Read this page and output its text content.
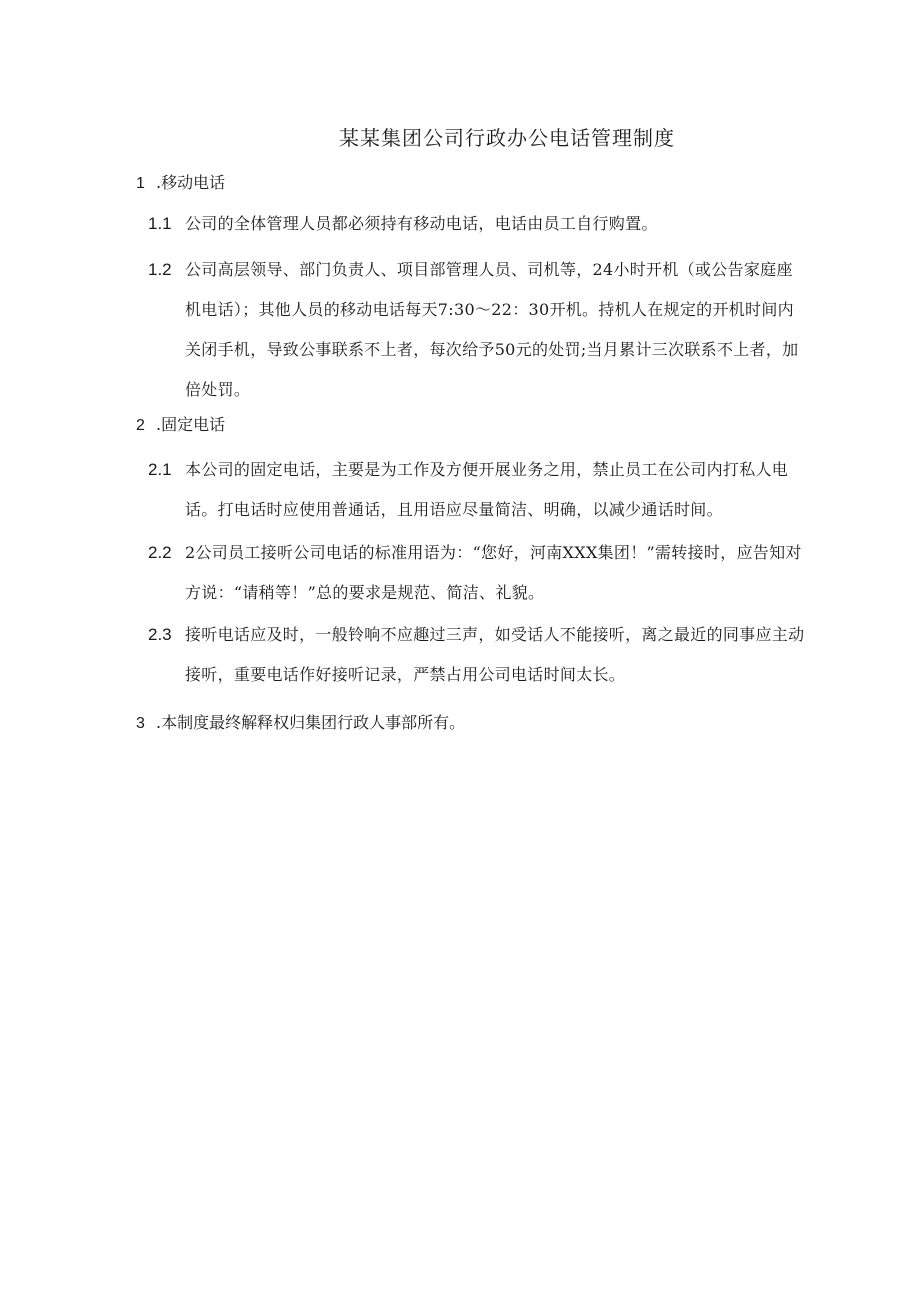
某某集团公司行政办公电话管理制度
1 .移动电话
1.1 公司的全体管理人员都必须持有移动电话，电话由员工自行购置。
1.2 公司高层领导、部门负责人、项目部管理人员、司机等，24小时开机（或公告家庭座机电话）；其他人员的移动电话每天7:30～22：30开机。持机人在规定的开机时间内关闭手机，导致公事联系不上者，每次给予50元的处罚;当月累计三次联系不上者，加倍处罚。
2 .固定电话
2.1 本公司的固定电话，主要是为工作及方便开展业务之用，禁止员工在公司内打私人电话。打电话时应使用普通话，且用语应尽量简洁、明确，以减少通话时间。
2.2 2公司员工接听公司电话的标准用语为：“您好，河南XXX集团！”需转接时，应告知对方说：“请稍等！”总的要求是规范、简洁、礼貌。
2.3 接听电话应及时，一般铃响不应趣过三声，如受话人不能接听，离之最近的同事应主动接听，重要电话作好接听记录，严禁占用公司电话时间太长。
3 .本制度最终解释权归集团行政人事部所有。
